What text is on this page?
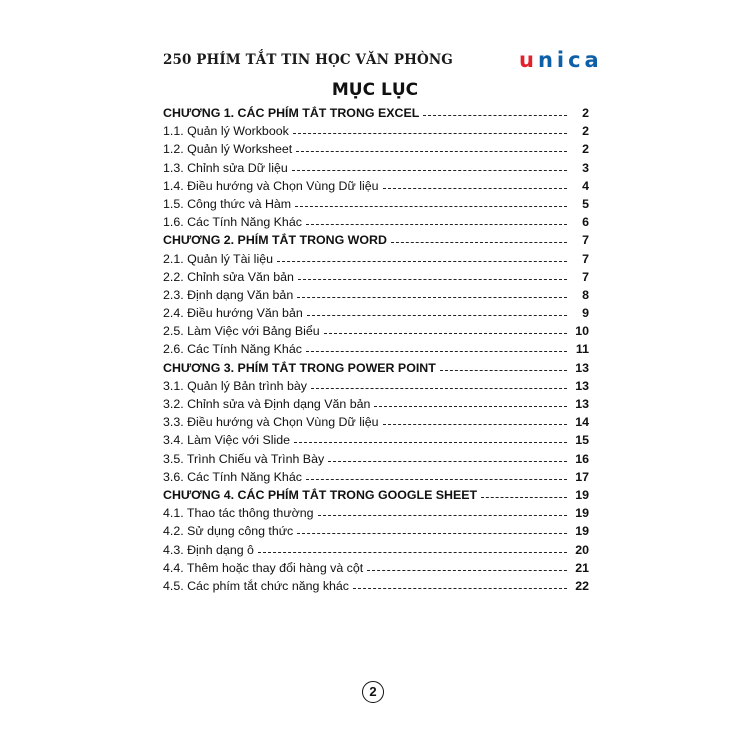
250 PHÍM TẮT TIN HỌC VĂN PHÒNG	unica
MỤC LỤC
CHƯƠNG 1. CÁC PHÍM TẮT TRONG EXCEL	2
1.1. Quản lý Workbook	2
1.2. Quản lý Worksheet	2
1.3. Chỉnh sửa Dữ liệu	3
1.4. Điều hướng và Chọn Vùng Dữ liệu	4
1.5. Công thức và Hàm	5
1.6. Các Tính Năng Khác	6
CHƯƠNG 2. PHÍM TẮT TRONG WORD	7
2.1. Quản lý Tài liệu	7
2.2. Chỉnh sửa Văn bản	7
2.3. Định dạng Văn bản	8
2.4. Điều hướng Văn bản	9
2.5. Làm Việc với Bảng Biểu	10
2.6. Các Tính Năng Khác	11
CHƯƠNG 3. PHÍM TẮT TRONG POWER POINT	13
3.1. Quản lý Bản trình bày	13
3.2. Chỉnh sửa và Định dạng Văn bản	13
3.3. Điều hướng và Chọn Vùng Dữ liệu	14
3.4. Làm Việc với Slide	15
3.5. Trình Chiếu và Trình Bày	16
3.6. Các Tính Năng Khác	17
CHƯƠNG 4. CÁC PHÍM TẮT TRONG GOOGLE SHEET	19
4.1. Thao tác thông thường	19
4.2. Sử dụng công thức	19
4.3. Định dạng ô	20
4.4. Thêm hoặc thay đổi hàng và cột	21
4.5. Các phím tắt chức năng khác	22
2
